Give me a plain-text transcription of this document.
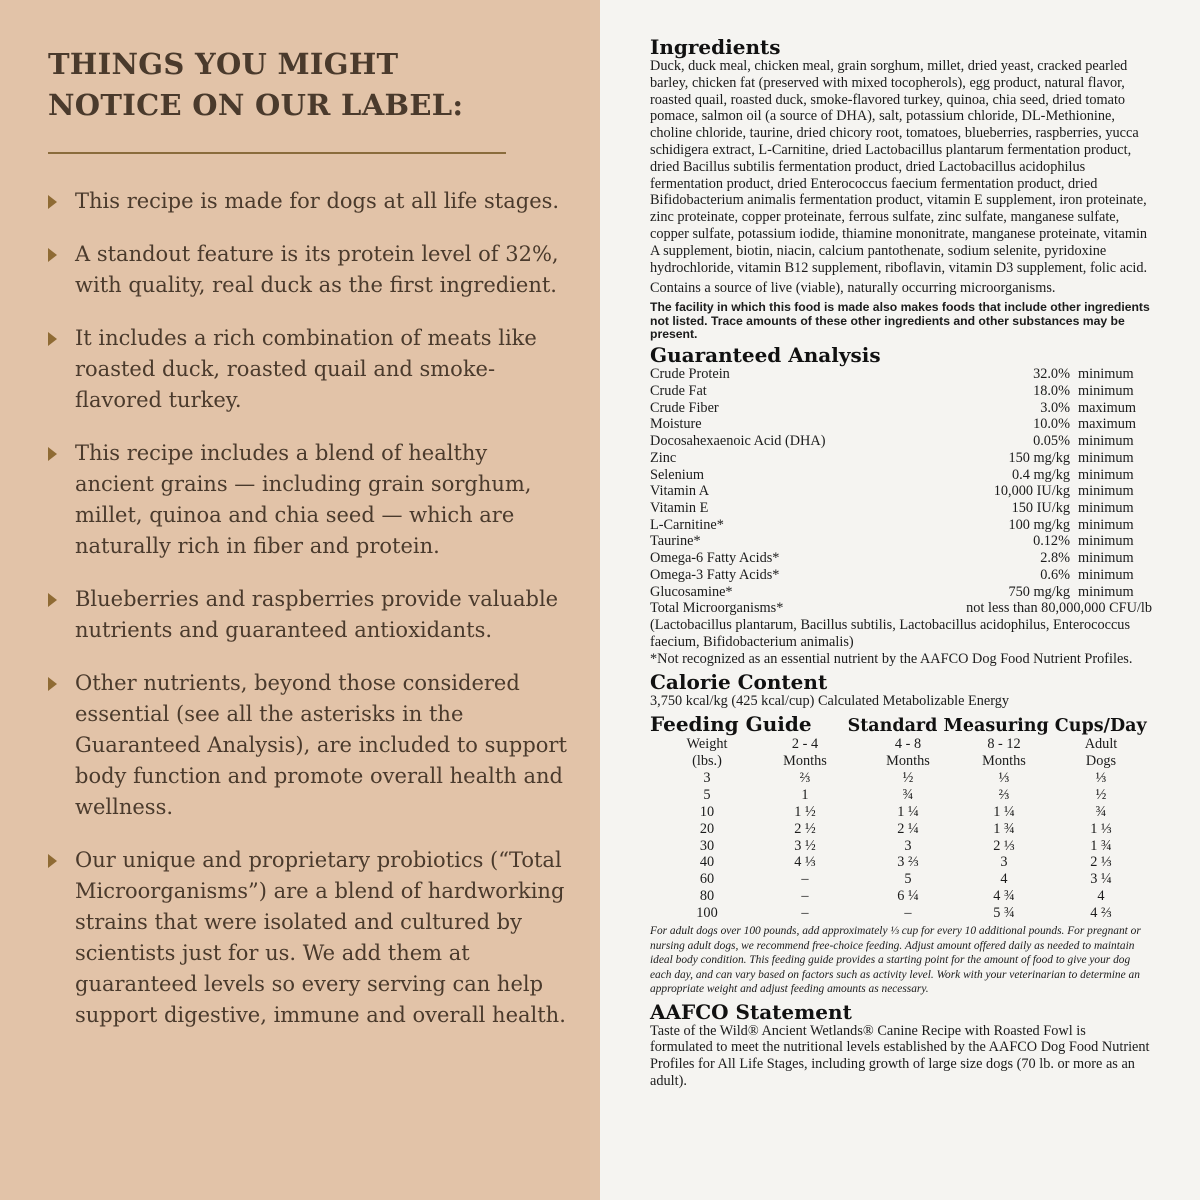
THINGS YOU MIGHT
NOTICE ON OUR LABEL:
This recipe is made for dogs at all life stages.
A standout feature is its protein level of 32%, with quality, real duck as the first ingredient.
It includes a rich combination of meats like roasted duck, roasted quail and smoke-flavored turkey.
This recipe includes a blend of healthy ancient grains — including grain sorghum, millet, quinoa and chia seed — which are naturally rich in fiber and protein.
Blueberries and raspberries provide valuable nutrients and guaranteed antioxidants.
Other nutrients, beyond those considered essential (see all the asterisks in the Guaranteed Analysis), are included to support body function and promote overall health and wellness.
Our unique and proprietary probiotics (“Total Microorganisms”) are a blend of hardworking strains that were isolated and cultured by scientists just for us. We add them at guaranteed levels so every serving can help support digestive, immune and overall health.
Ingredients

Duck, duck meal, chicken meal, grain sorghum, millet, dried yeast, cracked pearled barley, chicken fat (preserved with mixed tocopherols), egg product, natural flavor, roasted quail, roasted duck, smoke-flavored turkey, quinoa, chia seed, dried tomato pomace, salmon oil (a source of DHA), salt, potassium chloride, DL-Methionine, choline chloride, taurine, dried chicory root, tomatoes, blueberries, raspberries, yucca schidigera extract, L-Carnitine, dried Lactobacillus plantarum fermentation product, dried Bacillus subtilis fermentation product, dried Lactobacillus acidophilus fermentation product, dried Enterococcus faecium fermentation product, dried Bifidobacterium animalis fermentation product, vitamin E supplement, iron proteinate, zinc proteinate, copper proteinate, ferrous sulfate, zinc sulfate, manganese sulfate, copper sulfate, potassium iodide, thiamine mononitrate, manganese proteinate, vitamin A supplement, biotin, niacin, calcium pantothenate, sodium selenite, pyridoxine hydrochloride, vitamin B12 supplement, riboflavin, vitamin D3 supplement, folic acid.

Contains a source of live (viable), naturally occurring microorganisms.

The facility in which this food is made also makes foods that include other ingredients not listed. Trace amounts of these other ingredients and other substances may be present.

Guaranteed Analysis
Crude Protein	32.0% minimum
Crude Fat	18.0% minimum
Crude Fiber	3.0% maximum
Moisture	10.0% maximum
Docosahexaenoic Acid (DHA)	0.05% minimum
Zinc	150 mg/kg minimum
Selenium	0.4 mg/kg minimum
Vitamin A	10,000 IU/kg minimum
Vitamin E	150 IU/kg minimum
L-Carnitine*	100 mg/kg minimum
Taurine*	0.12% minimum
Omega-6 Fatty Acids*	2.8% minimum
Omega-3 Fatty Acids*	0.6% minimum
Glucosamine*	750 mg/kg minimum
Total Microorganisms*	not less than 80,000,000 CFU/lb

(Lactobacillus plantarum, Bacillus subtilis, Lactobacillus acidophilus, Enterococcus faecium, Bifidobacterium animalis)

*Not recognized as an essential nutrient by the AAFCO Dog Food Nutrient Profiles.

Calorie Content

3,750 kcal/kg (425 kcal/cup) Calculated Metabolizable Energy

Feeding Guide Standard Measuring Cups/Day
Weight	2 - 4	4 - 8	8 - 12	Adult
(lbs.)	Months	Months	Months	Dogs
3	⅔	½	⅓	⅓
5	1	¾	⅔	½
10	1 ½	1 ¼	1 ¼	¾
20	2 ½	2 ¼	1 ¾	1 ⅓
30	3 ½	3	2 ⅓	1 ¾
40	4 ⅓	3 ⅔	3	2 ⅓
60	–	5	4	3 ¼
80	–	6 ¼	4 ¾	4
100	–	–	5 ¾	4 ⅔

For adult dogs over 100 pounds, add approximately ⅓ cup for every 10 additional pounds. For pregnant or nursing adult dogs, we recommend free-choice feeding. Adjust amount offered daily as needed to maintain ideal body condition. This feeding guide provides a starting point for the amount of food to give your dog each day, and can vary based on factors such as activity level. Work with your veterinarian to determine an appropriate weight and adjust feeding amounts as necessary.

AAFCO Statement

Taste of the Wild® Ancient Wetlands® Canine Recipe with Roasted Fowl is formulated to meet the nutritional levels established by the AAFCO Dog Food Nutrient Profiles for All Life Stages, including growth of large size dogs (70 lb. or more as an adult).
